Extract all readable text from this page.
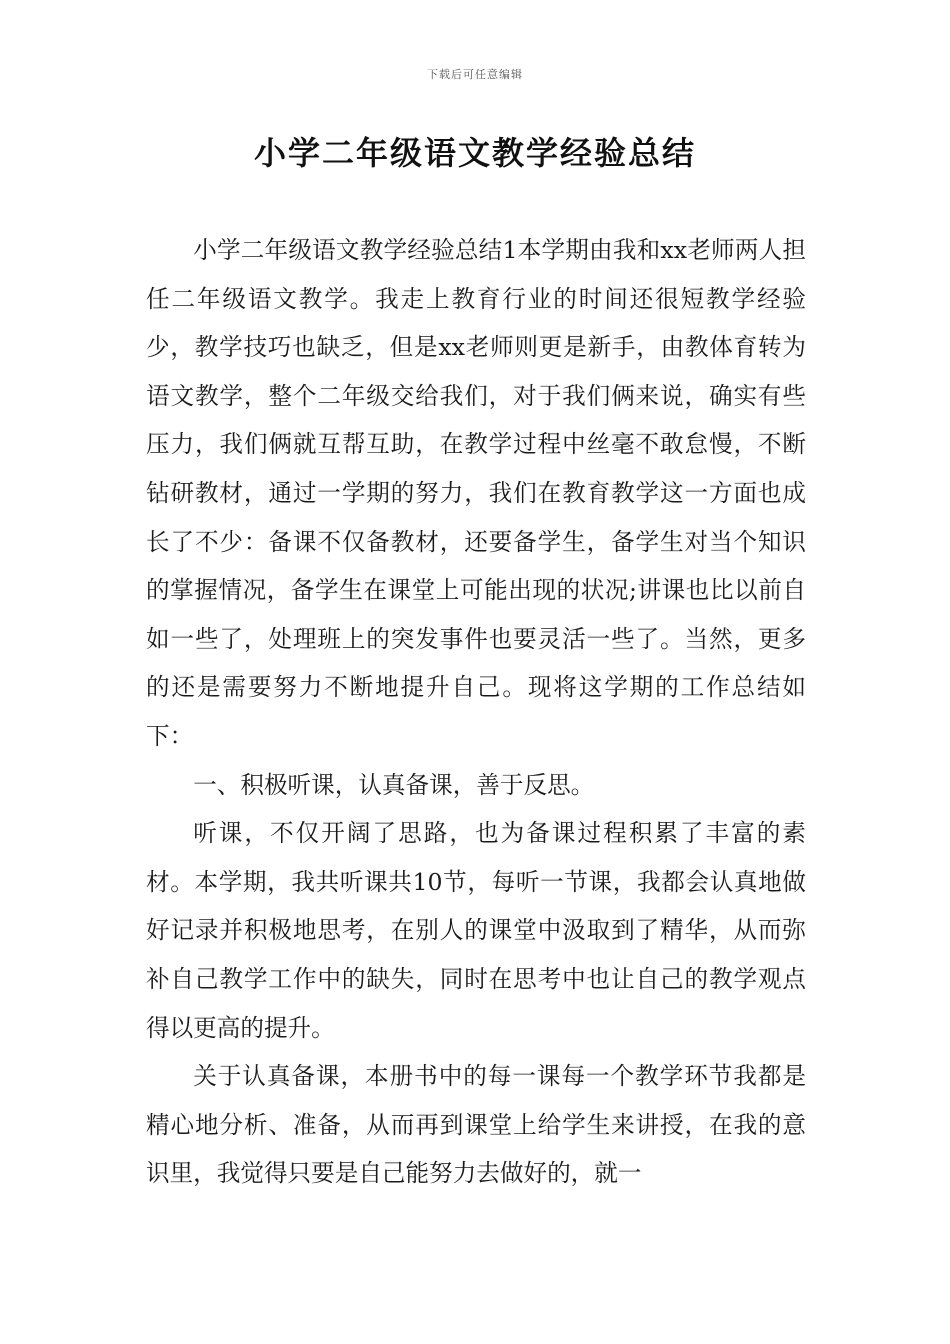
下载后可任意编辑
小学二年级语文教学经验总结

小学二年级语文教学经验总结1本学期由我和xx老师两人担任二年级语文教学。我走上教育行业的时间还很短教学经验少，教学技巧也缺乏，但是xx老师则更是新手，由教体育转为语文教学，整个二年级交给我们，对于我们俩来说，确实有些压力，我们俩就互帮互助，在教学过程中丝毫不敢怠慢，不断钻研教材，通过一学期的努力，我们在教育教学这一方面也成长了不少：备课不仅备教材，还要备学生，备学生对当个知识的掌握情况，备学生在课堂上可能出现的状况;讲课也比以前自如一些了，处理班上的突发事件也要灵活一些了。当然，更多的还是需要努力不断地提升自己。现将这学期的工作总结如下：

一、积极听课，认真备课，善于反思。

听课，不仅开阔了思路，也为备课过程积累了丰富的素材。本学期，我共听课共10节，每听一节课，我都会认真地做好记录并积极地思考，在别人的课堂中汲取到了精华，从而弥补自己教学工作中的缺失，同时在思考中也让自己的教学观点得以更高的提升。

关于认真备课，本册书中的每一课每一个教学环节我都是精心地分析、准备，从而再到课堂上给学生来讲授，在我的意识里，我觉得只要是自己能努力去做好的，就一
